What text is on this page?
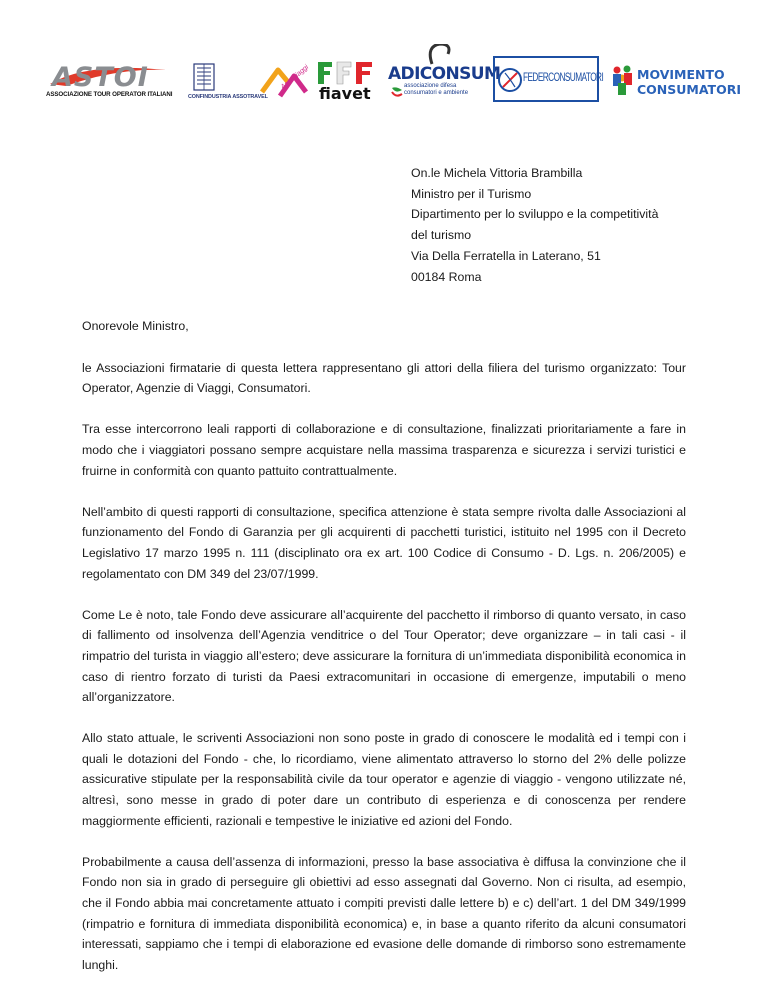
ASTOI
ASSOCIAZIONE TOUR OPERATOR ITALIANI	CONFINDUSTRIA ASSOTRAVEL
Assoviaggi
fiavet
ADICONSUM
associazione difesa
consumatori e ambiente
FEDERCONSUMATORI	MOVIMENTO
CONSUMATORI
On.le Michela Vittoria Brambilla
Ministro per il Turismo
Dipartimento per lo sviluppo e la competitività
del turismo
Via Della Ferratella in Laterano, 51
00184 Roma

Onorevole Ministro,

le Associazioni firmatarie di questa lettera rappresentano gli attori della filiera del turismo organizzato: Tour Operator, Agenzie di Viaggi, Consumatori.

Tra esse intercorrono leali rapporti di collaborazione e di consultazione, finalizzati prioritariamente a fare in modo che i viaggiatori possano sempre acquistare nella massima trasparenza e sicurezza i servizi turistici e fruirne in conformità con quanto pattuito contrattualmente.

Nell’ambito di questi rapporti di consultazione, specifica attenzione è stata sempre rivolta dalle Associazioni al funzionamento del Fondo di Garanzia per gli acquirenti di pacchetti turistici, istituito nel 1995 con il Decreto Legislativo 17 marzo 1995 n. 111 (disciplinato ora ex art. 100 Codice di Consumo - D. Lgs. n. 206/2005) e regolamentato con DM 349 del 23/07/1999.

Come Le è noto, tale Fondo deve assicurare all’acquirente del pacchetto il rimborso di quanto versato, in caso di fallimento od insolvenza dell’Agenzia venditrice o del Tour Operator; deve organizzare – in tali casi - il rimpatrio del turista in viaggio all’estero; deve assicurare la fornitura di un’immediata disponibilità economica in caso di rientro forzato di turisti da Paesi extracomunitari in occasione di emergenze, imputabili o meno all’organizzatore.

Allo stato attuale, le scriventi Associazioni non sono poste in grado di conoscere le modalità ed i tempi con i quali le dotazioni del Fondo - che, lo ricordiamo, viene alimentato attraverso lo storno del 2% delle polizze assicurative stipulate per la responsabilità civile da tour operator e agenzie di viaggio - vengono utilizzate né, altresì, sono messe in grado di poter dare un contributo di esperienza e di conoscenza per rendere maggiormente efficienti, razionali e tempestive le iniziative ed azioni del Fondo.

Probabilmente a causa dell’assenza di informazioni, presso la base associativa è diffusa la convinzione che il Fondo non sia in grado di perseguire gli obiettivi ad esso assegnati dal Governo. Non ci risulta, ad esempio, che il Fondo abbia mai concretamente attuato i compiti previsti dalle lettere b) e c) dell’art. 1 del DM 349/1999 (rimpatrio e fornitura di immediata disponibilità economica) e, in base a quanto riferito da alcuni consumatori interessati, sappiamo che i tempi di elaborazione ed evasione delle domande di rimborso sono estremamente lunghi.
